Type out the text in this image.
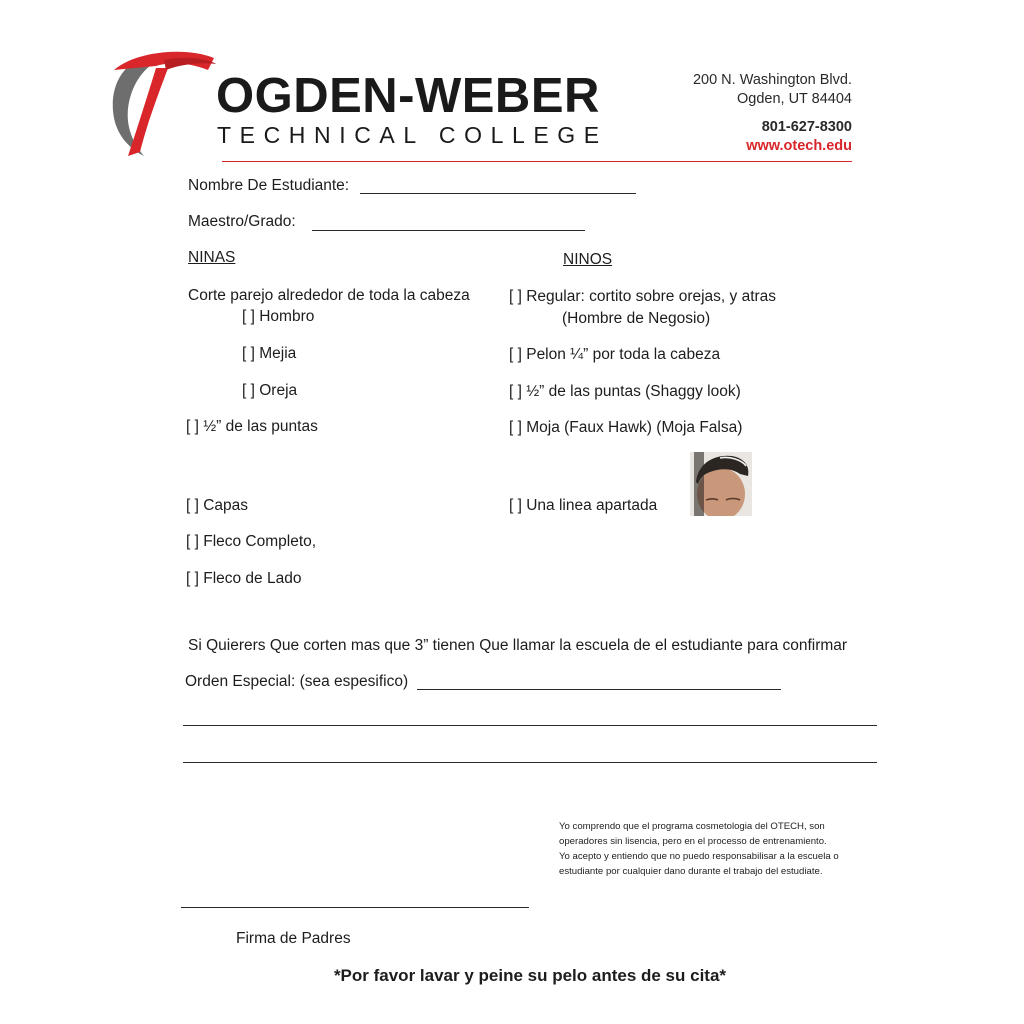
OGDEN-WEBER
TECHNICAL COLLEGE
200 N. Washington Blvd.
Ogden, UT 84404
801-627-8300
www.otech.edu
Nombre De Estudiante:
Maestro/Grado:
NINAS	NINOS
Corte parejo alrededor de toda la cabeza
[ ] Hombro
[ ] Mejia
[ ] Oreja
[ ] ½” de las puntas
[ ] Capas
[ ] Fleco Completo,
[ ] Fleco de Lado
[ ] Regular: cortito sobre orejas, y atras
(Hombre de Negosio)
[ ] Pelon ¼” por toda la cabeza
[ ] ½” de las puntas (Shaggy look)
[ ] Moja (Faux Hawk) (Moja Falsa)
[ ] Una linea apartada
Si Quierers Que corten mas que 3” tienen Que llamar la escuela de el estudiante para confirmar
Orden Especial: (sea espesifico)
Yo comprendo que el programa cosmetologia del OTECH, son
operadores sin lisencia, pero en el processo de entrenamiento.
Yo acepto y entiendo que no puedo responsabilisar a la escuela o
estudiante por cualquier dano durante el trabajo del estudiate.
Firma de Padres
*Por favor lavar y peine su pelo antes de su cita*
